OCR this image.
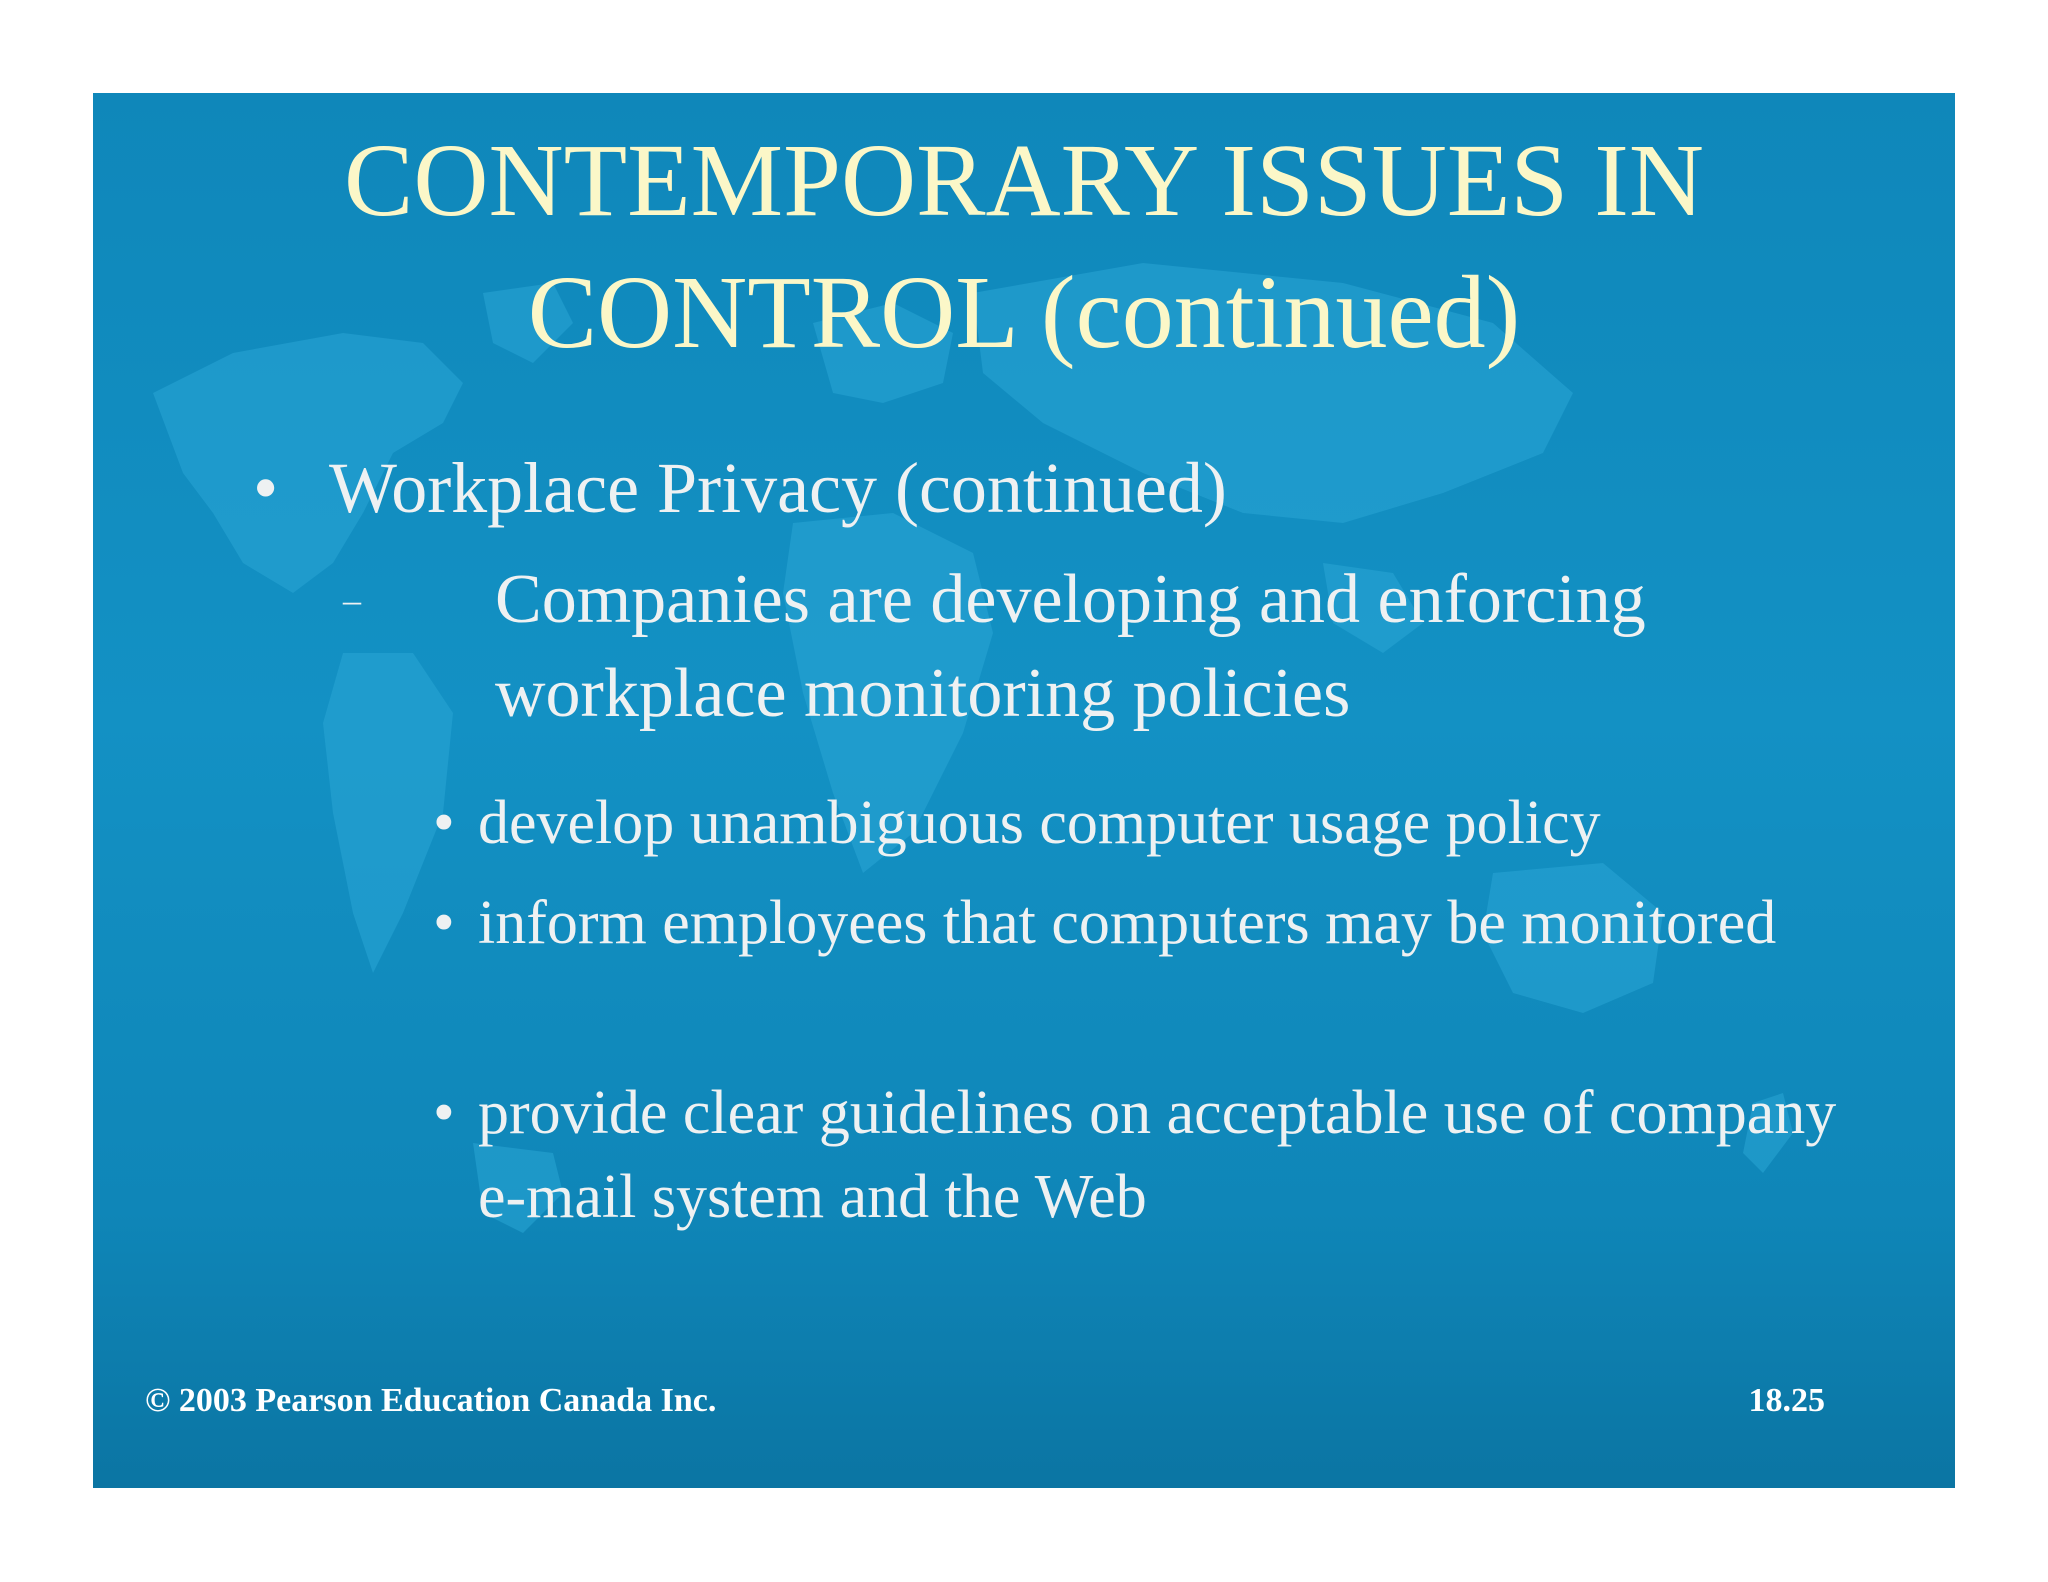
CONTEMPORARY ISSUES IN
CONTROL (continued)
• Workplace Privacy (continued)
– Companies are developing and enforcing workplace monitoring policies
• develop unambiguous computer usage policy
• inform employees that computers may be monitored
• provide clear guidelines on acceptable use of company e-mail system and the Web
© 2003 Pearson Education Canada Inc.	18.25
